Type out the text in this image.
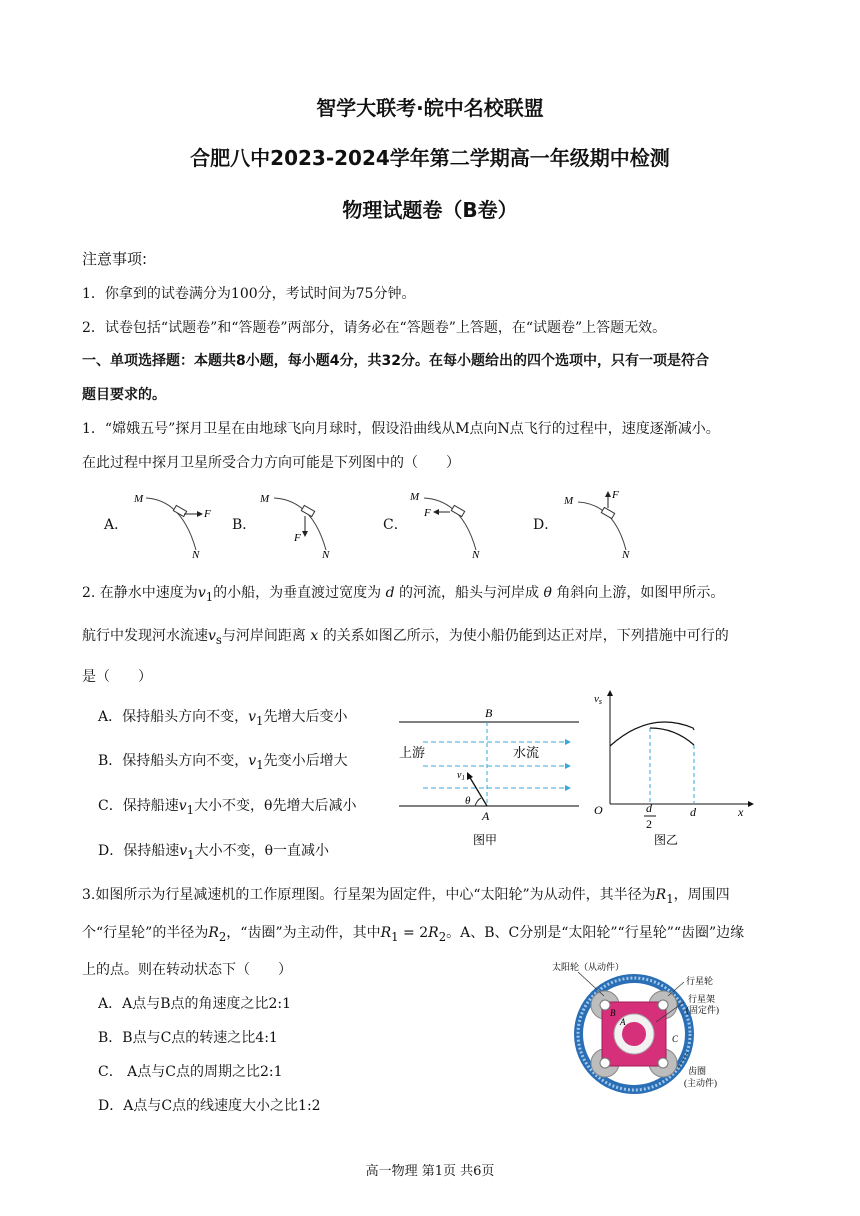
智学大联考·皖中名校联盟
合肥八中2023-2024学年第二学期高一年级期中检测
物理试题卷（B卷）
注意事项:
1．你拿到的试卷满分为100分，考试时间为75分钟。
2．试卷包括“试题卷”和“答题卷”两部分，请务必在“答题卷”上答题，在“试题卷”上答题无效。
一、单项选择题：本题共8小题，每小题4分，共32分。在每小题给出的四个选项中，只有一项是符合
题目要求的。
1．“嫦娥五号”探月卫星在由地球飞向月球时，假设沿曲线从M点向N点飞行的过程中，速度逐渐减小。
在此过程中探月卫星所受合力方向可能是下列图中的（　　）
A．	B．	C．	D．
M
F
N
M
F
N
M
F
N
M	F
N
2. 在静水中速度为$v_1$的小船，为垂直渡过宽度为 d 的河流，船头与河岸成 θ 角斜向上游，如图甲所示。
航行中发现河水流速$v_s$与河岸间距离 x 的关系如图乙所示，为使小船仍能到达正对岸，下列措施中可行的
是（　　）
A．保持船头方向不变，$v_1$先增大后变小
B．保持船头方向不变，$v_1$先变小后增大
C．保持船速$v_1$大小不变，θ先增大后减小
D．保持船速$v_1$大小不变，θ一直减小
B
A
上游	水流
$v_1$
θ
图甲
vs
O	d
2
d	x
图乙
3.如图所示为行星减速机的工作原理图。行星架为固定件，中心“太阳轮”为从动件，其半径为$R_1$，周围四
个“行星轮”的半径为$R_2$，“齿圈”为主动件，其中$R_1 = 2R_2$。A、B、C分别是“太阳轮”“行星轮”“齿圈”边缘
上的点。则在转动状态下（　　）
A．A点与B点的角速度之比2:1
B．B点与C点的转速之比4:1
C． A点与C点的周期之比2:1
D．A点与C点的线速度大小之比1:2
太阳轮（从动件）
行星轮
行星架
(固定件)
齿圈
(主动件)
A
B
C
高一物理 第1页 共6页
